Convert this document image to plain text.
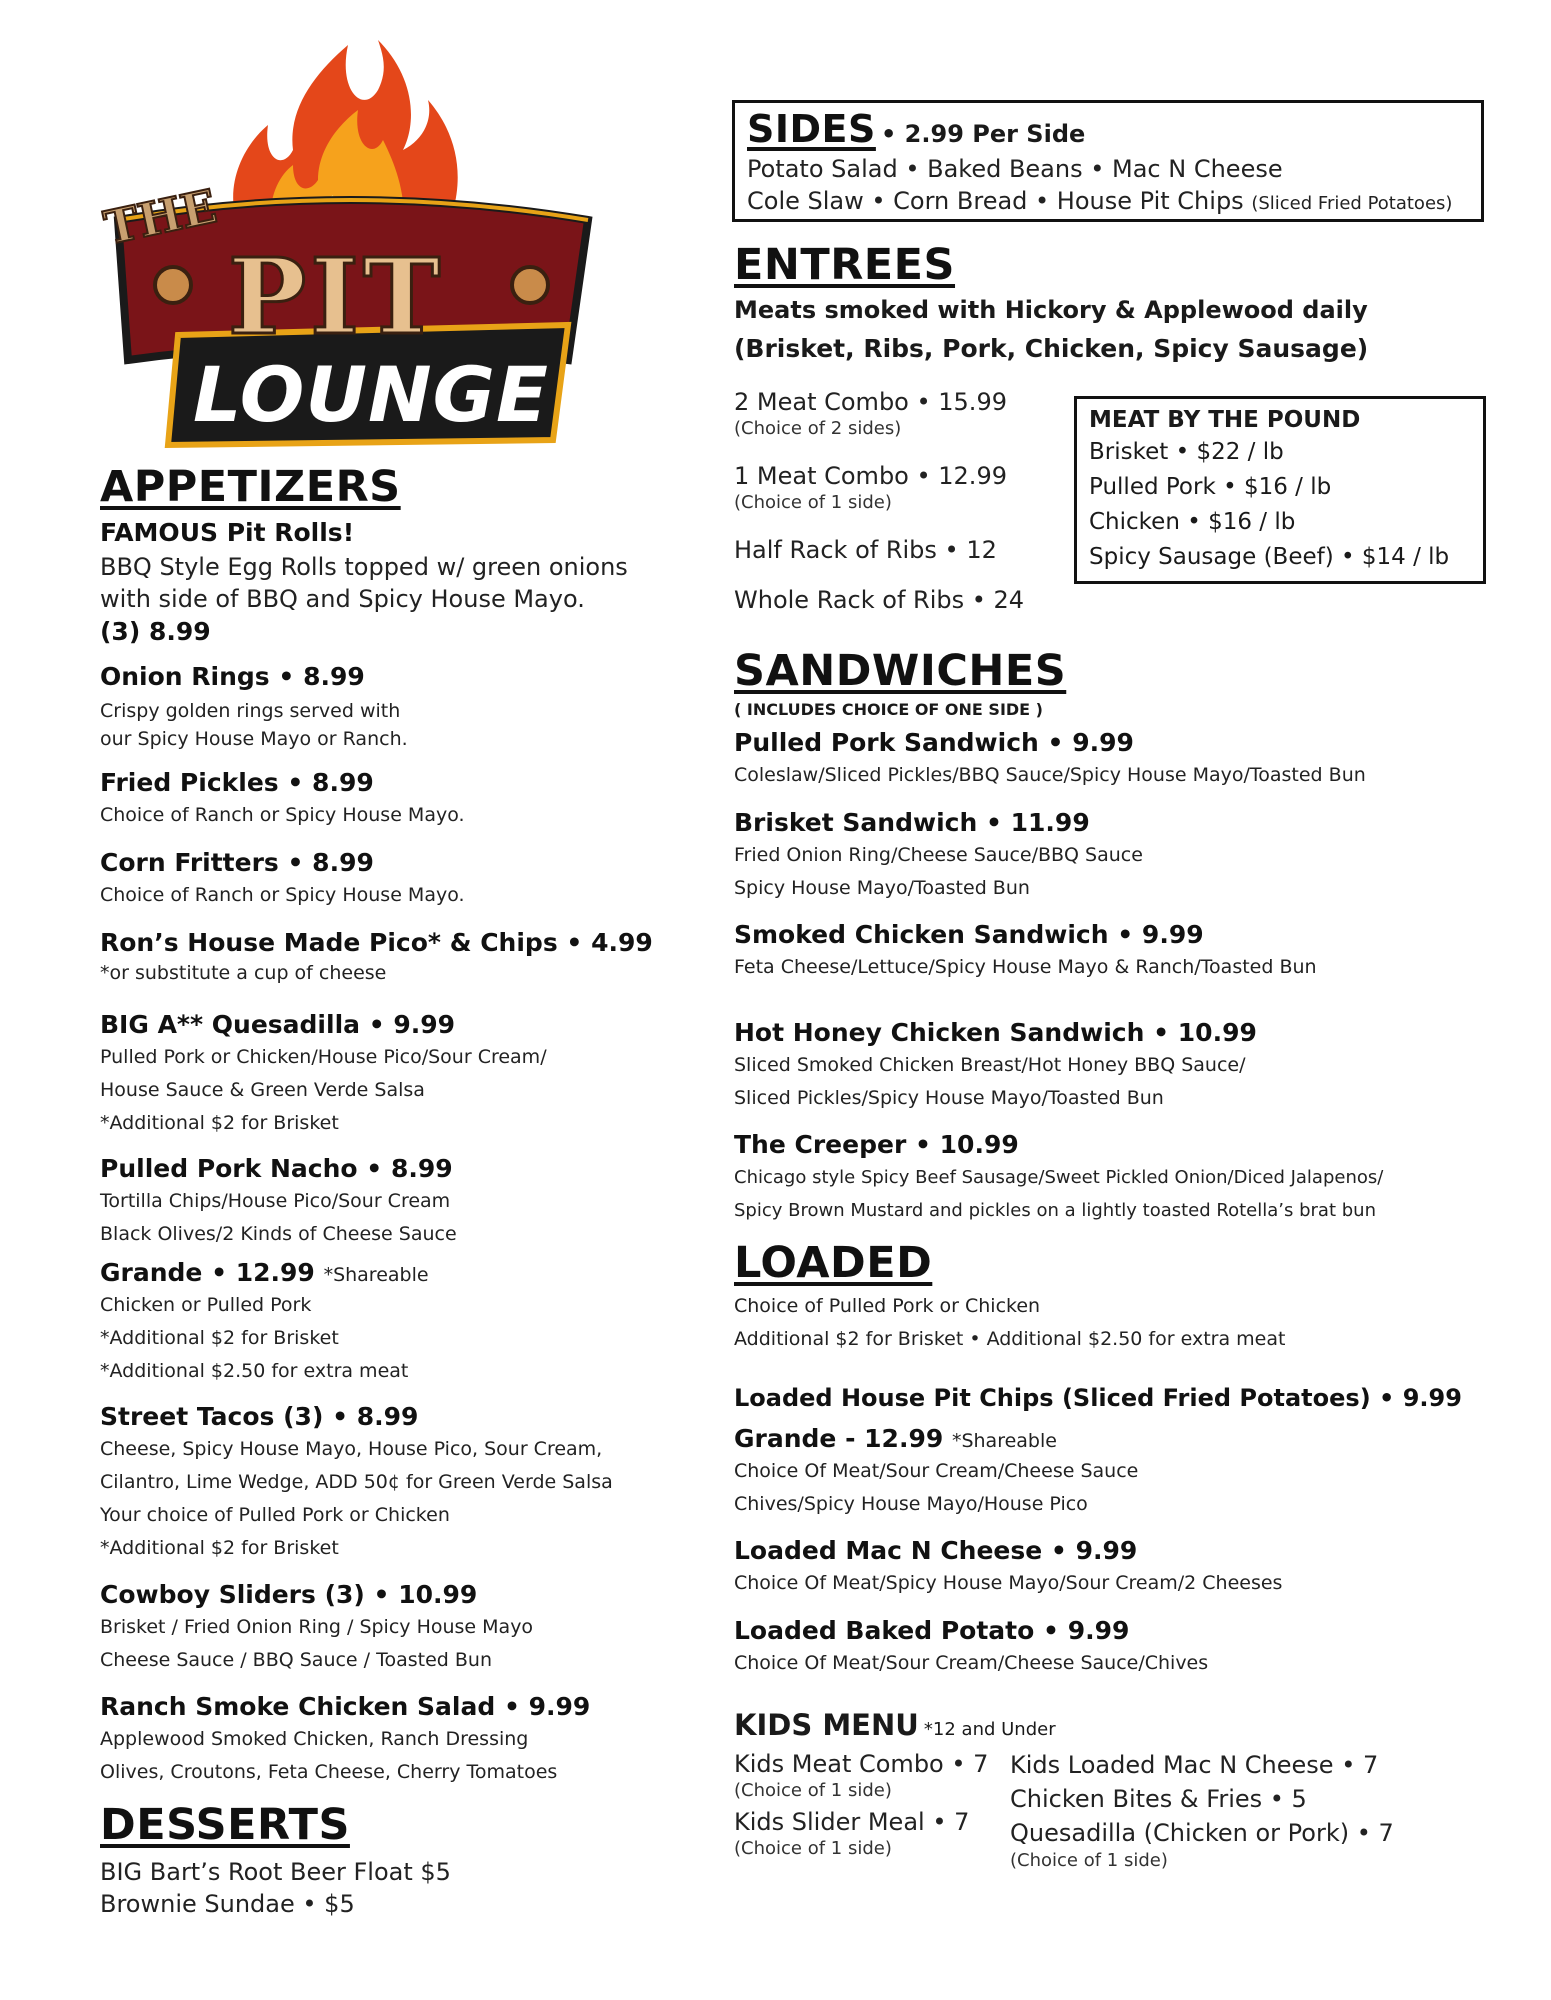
THE
PIT
LOUNGE
APPETIZERS

FAMOUS Pit Rolls!

BBQ Style Egg Rolls topped w/ green onions

with side of BBQ and Spicy House Mayo.

(3) 8.99

Onion Rings • 8.99

Crispy golden rings served with

our Spicy House Mayo or Ranch.

Fried Pickles • 8.99

Choice of Ranch or Spicy House Mayo.

Corn Fritters • 8.99

Choice of Ranch or Spicy House Mayo.

Ron’s House Made Pico* & Chips • 4.99

*or substitute a cup of cheese

BIG A** Quesadilla • 9.99

Pulled Pork or Chicken/House Pico/Sour Cream/

House Sauce & Green Verde Salsa

*Additional $2 for Brisket

Pulled Pork Nacho • 8.99

Tortilla Chips/House Pico/Sour Cream

Black Olives/2 Kinds of Cheese Sauce

Grande • 12.99 *Shareable

Chicken or Pulled Pork

*Additional $2 for Brisket

*Additional $2.50 for extra meat

Street Tacos (3) • 8.99

Cheese, Spicy House Mayo, House Pico, Sour Cream,

Cilantro, Lime Wedge, ADD 50¢ for Green Verde Salsa

Your choice of Pulled Pork or Chicken

*Additional $2 for Brisket

Cowboy Sliders (3) • 10.99

Brisket / Fried Onion Ring / Spicy House Mayo

Cheese Sauce / BBQ Sauce / Toasted Bun

Ranch Smoke Chicken Salad • 9.99

Applewood Smoked Chicken, Ranch Dressing

Olives, Croutons, Feta Cheese, Cherry Tomatoes

DESSERTS

BIG Bart’s Root Beer Float $5

Brownie Sundae • $5

SIDES • 2.99 Per Side

Potato Salad • Baked Beans • Mac N Cheese

Cole Slaw • Corn Bread • House Pit Chips (Sliced Fried Potatoes)

ENTREES

Meats smoked with Hickory & Applewood daily

(Brisket, Ribs, Pork, Chicken, Spicy Sausage)

2 Meat Combo • 15.99

(Choice of 2 sides)

1 Meat Combo • 12.99

(Choice of 1 side)

Half Rack of Ribs • 12

Whole Rack of Ribs • 24

MEAT BY THE POUND

Brisket • $22 / lb

Pulled Pork • $16 / lb

Chicken • $16 / lb

Spicy Sausage (Beef) • $14 / lb

SANDWICHES

( INCLUDES CHOICE OF ONE SIDE )

Pulled Pork Sandwich • 9.99

Coleslaw/Sliced Pickles/BBQ Sauce/Spicy House Mayo/Toasted Bun

Brisket Sandwich • 11.99

Fried Onion Ring/Cheese Sauce/BBQ Sauce

Spicy House Mayo/Toasted Bun

Smoked Chicken Sandwich • 9.99

Feta Cheese/Lettuce/Spicy House Mayo & Ranch/Toasted Bun

Hot Honey Chicken Sandwich • 10.99

Sliced Smoked Chicken Breast/Hot Honey BBQ Sauce/

Sliced Pickles/Spicy House Mayo/Toasted Bun

The Creeper • 10.99

Chicago style Spicy Beef Sausage/Sweet Pickled Onion/Diced Jalapenos/

Spicy Brown Mustard and pickles on a lightly toasted Rotella’s brat bun

LOADED

Choice of Pulled Pork or Chicken

Additional $2 for Brisket • Additional $2.50 for extra meat

Loaded House Pit Chips (Sliced Fried Potatoes) • 9.99

Grande - 12.99 *Shareable

Choice Of Meat/Sour Cream/Cheese Sauce

Chives/Spicy House Mayo/House Pico

Loaded Mac N Cheese • 9.99

Choice Of Meat/Spicy House Mayo/Sour Cream/2 Cheeses

Loaded Baked Potato • 9.99

Choice Of Meat/Sour Cream/Cheese Sauce/Chives

KIDS MENU *12 and Under

Kids Meat Combo • 7

(Choice of 1 side)

Kids Slider Meal • 7

(Choice of 1 side)

Kids Loaded Mac N Cheese • 7

Chicken Bites & Fries • 5

Quesadilla (Chicken or Pork) • 7

(Choice of 1 side)
